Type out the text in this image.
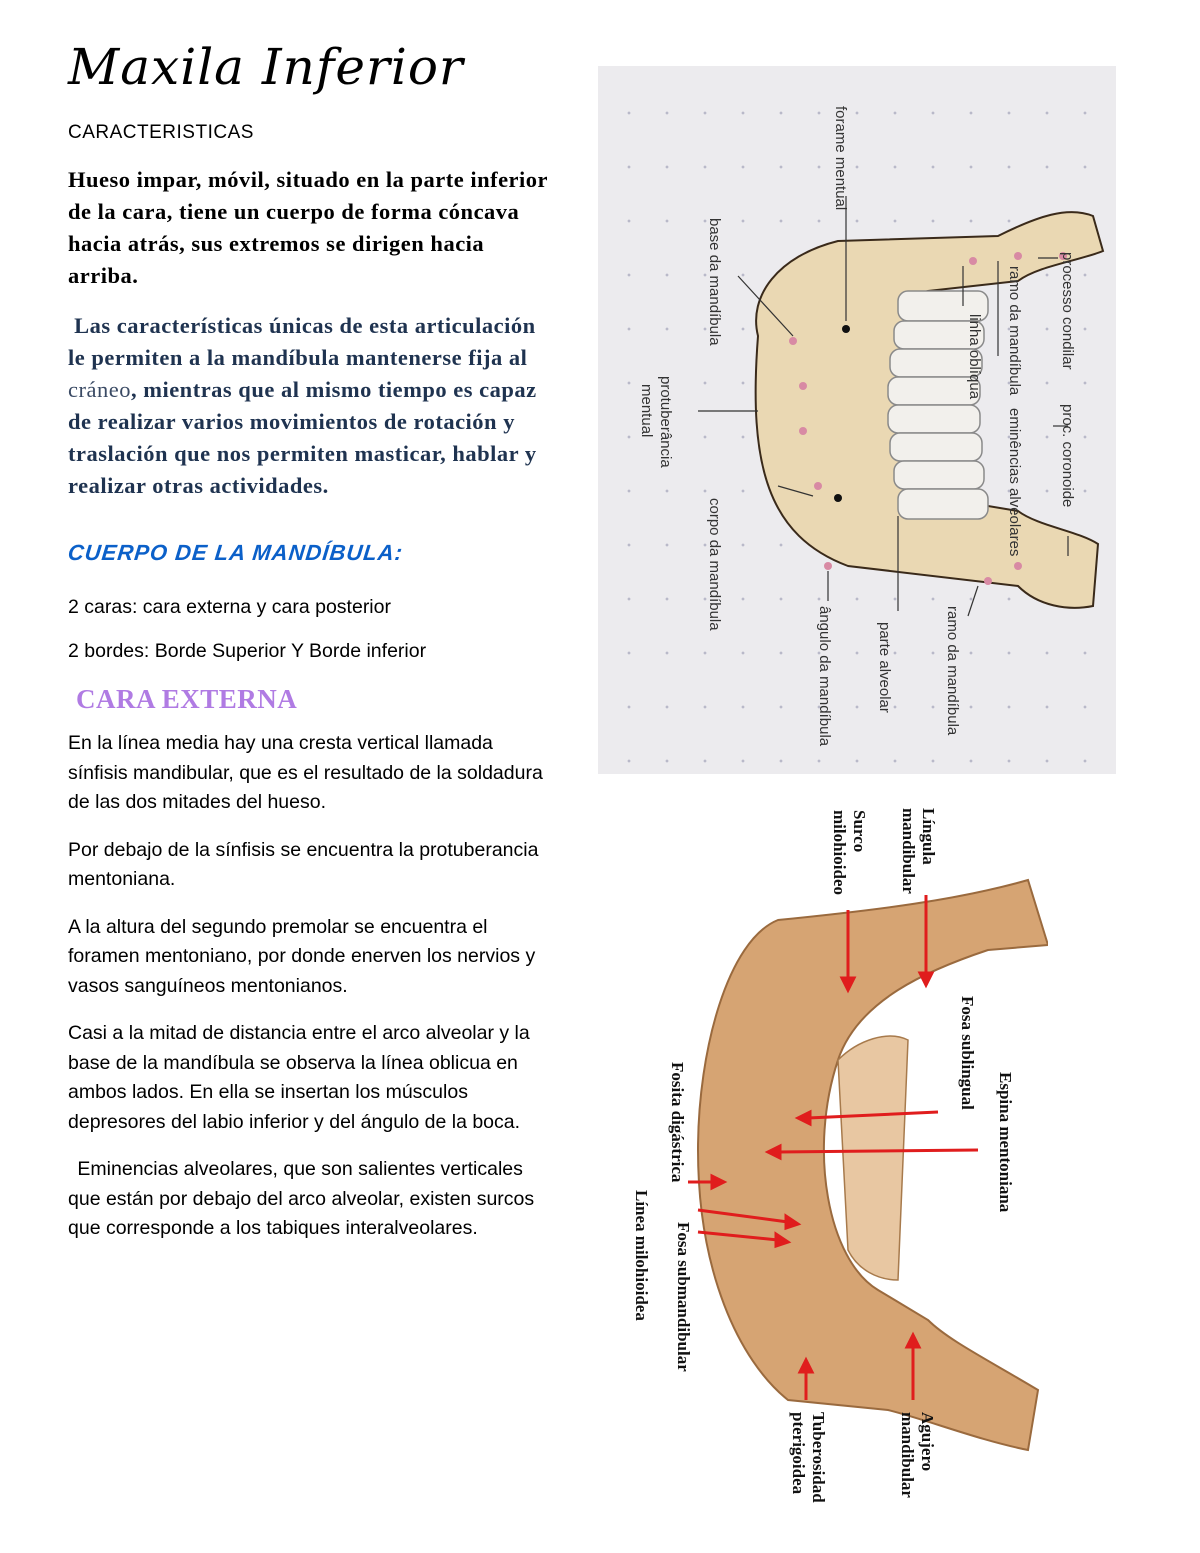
Maxila Inferior

CARACTERISTICAS

Hueso impar, móvil, situado en la parte inferior de la cara, tiene un cuerpo de forma cóncava hacia atrás, sus extremos se dirigen hacia arriba.

Las características únicas de esta articulación le permiten a la mandíbula mantenerse fija al cráneo, mientras que al mismo tiempo es capaz de realizar varios movimientos de rotación y traslación que nos permiten masticar, hablar y realizar otras actividades.

CUERPO DE LA MANDÍBULA:

2 caras: cara externa y cara posterior

2 bordes: Borde Superior Y Borde inferior

CARA EXTERNA

En la línea media hay una cresta vertical llamada sínfisis mandibular, que es el resultado de la soldadura de las dos mitades del hueso.

Por debajo de la sínfisis se encuentra la protuberancia mentoniana.

A la altura del segundo premolar se encuentra el foramen mentoniano, por donde enerven los nervios y vasos sanguíneos mentonianos.

Casi a la mitad de distancia entre el arco alveolar y la base de la mandíbula se observa la línea oblicua en ambos lados. En ella se insertan los músculos depresores del labio inferior y del ángulo de la boca.

Eminencias alveolares, que son salientes verticales que están por debajo del arco alveolar, existen surcos que corresponde a los tabiques interalveolares.

forame mentual
base da mandíbula
protuberância
mentual
corpo da mandíbula
ângulo da mandíbula	parte alveolar
ramo da mandíbula
linha oblíqua	processo condilar
proc. coronoide
eminências alveolares
ramo da mandíbula
Língula
mandibular
Surco
milohioideo
Fosa sublingual
Espina mentoniana
Fosita digástrica
Línea milohioidea Fosa submandibular
Tuberosidad
pterigoidea	Agujero
mandibular
